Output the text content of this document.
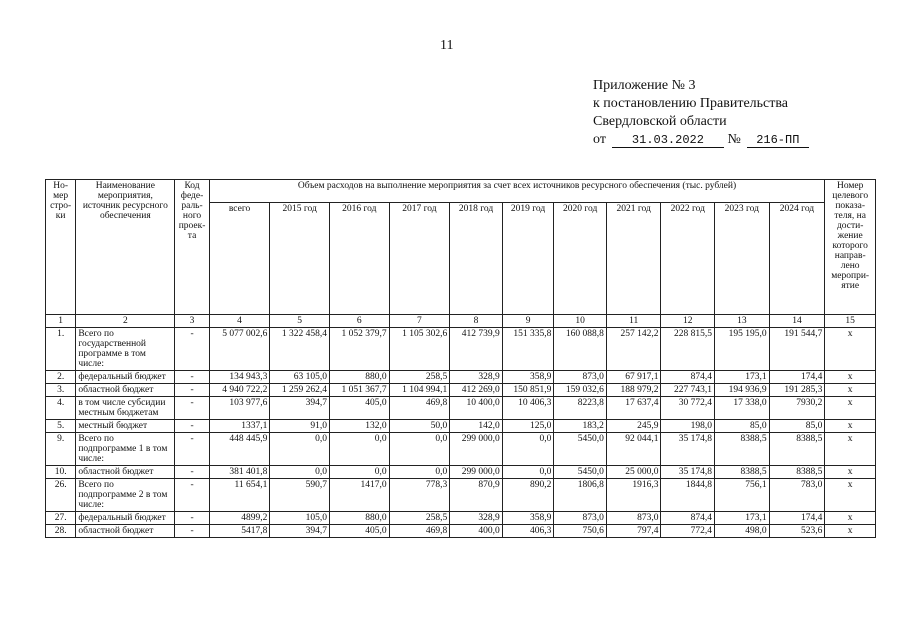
11
Приложение № 3
к постановлению Правительства
Свердловской области
от 31.03.2022 № 216-ПП
Но-мер стро-ки	Наименование мероприятия, источник ресурсного обеспечения	Код феде-раль-ного проек-та	Объем расходов на выполнение мероприятия за счет всех источников ресурсного обеспечения (тыс. рублей)											Номер целевого показа-теля, на дости-жение которого направ-лено меропри-ятие
			всего	2015 год	2016 год	2017 год	2018 год	2019 год	2020 год	2021 год	2022 год	2023 год	2024 год	
1	2	3	4	5	6	7	8	9	10	11	12	13	14	15
1.	Всего по государственной программе в том числе:	-	5 077 002,6	1 322 458,4	1 052 379,7	1 105 302,6	412 739,9	151 335,8	160 088,8	257 142,2	228 815,5	195 195,0	191 544,7	x
2.	федеральный бюджет	-	134 943,3	63 105,0	880,0	258,5	328,9	358,9	873,0	67 917,1	874,4	173,1	174,4	x
3.	областной бюджет	-	4 940 722,2	1 259 262,4	1 051 367,7	1 104 994,1	412 269,0	150 851,9	159 032,6	188 979,2	227 743,1	194 936,9	191 285,3	x
4.	в том числе субсидии местным бюджетам	-	103 977,6	394,7	405,0	469,8	10 400,0	10 406,3	8223,8	17 637,4	30 772,4	17 338,0	7930,2	x
5.	местный бюджет	-	1337,1	91,0	132,0	50,0	142,0	125,0	183,2	245,9	198,0	85,0	85,0	x
9.	Всего по подпрограмме 1 в том числе:	-	448 445,9	0,0	0,0	0,0	299 000,0	0,0	5450,0	92 044,1	35 174,8	8388,5	8388,5	x
10.	областной бюджет	-	381 401,8	0,0	0,0	0,0	299 000,0	0,0	5450,0	25 000,0	35 174,8	8388,5	8388,5	x
26.	Всего по подпрограмме 2 в том числе:	-	11 654,1	590,7	1417,0	778,3	870,9	890,2	1806,8	1916,3	1844,8	756,1	783,0	x
27.	федеральный бюджет	-	4899,2	105,0	880,0	258,5	328,9	358,9	873,0	873,0	874,4	173,1	174,4	x
28.	областной бюджет	-	5417,8	394,7	405,0	469,8	400,0	406,3	750,6	797,4	772,4	498,0	523,6	x
